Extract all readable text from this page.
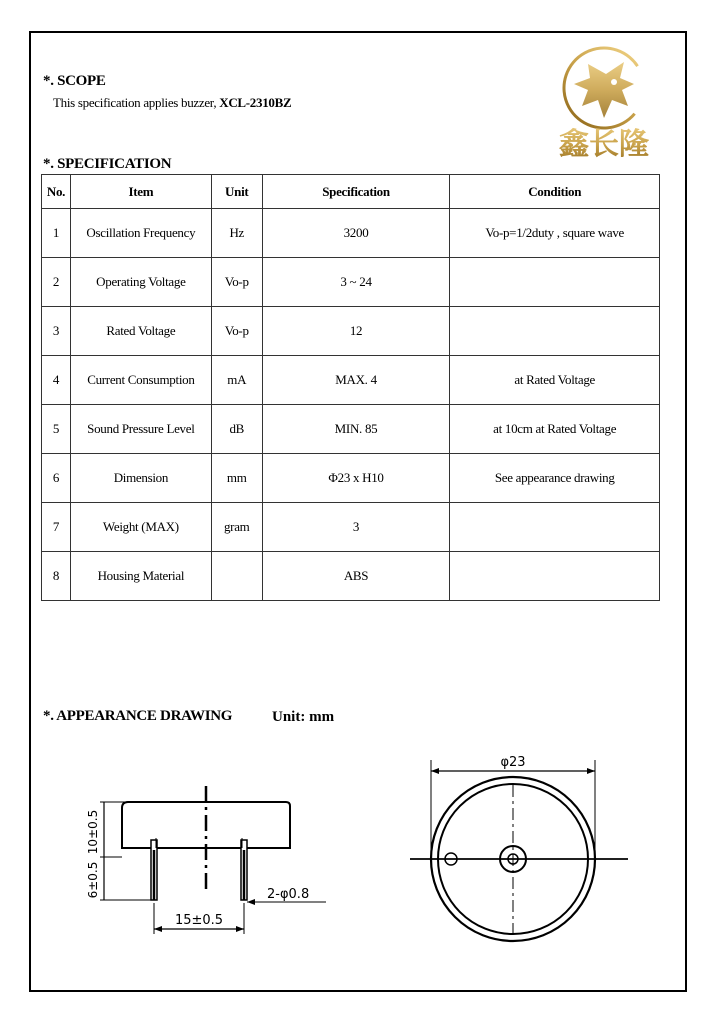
鑫长隆
*. SCOPE
This specification applies buzzer, XCL-2310BZ
*. SPECIFICATION
No.	Item	Unit	Specification	Condition
1	Oscillation Frequency	Hz	3200	Vo-p=1/2duty , square wave
2	Operating Voltage	Vo-p	3 ~ 24	
3	Rated Voltage	Vo-p	12	
4	Current Consumption	mA	MAX. 4	at Rated Voltage
5	Sound Pressure Level	dB	MIN. 85	at 10cm at Rated Voltage
6	Dimension	mm	Φ23 x H10	See appearance drawing
7	Weight (MAX)	gram	3	
8	Housing Material		ABS	
*. APPEARANCE DRAWING	Unit: mm
10±0.5
6±0.5
15±0.5
2-φ0.8
φ23
